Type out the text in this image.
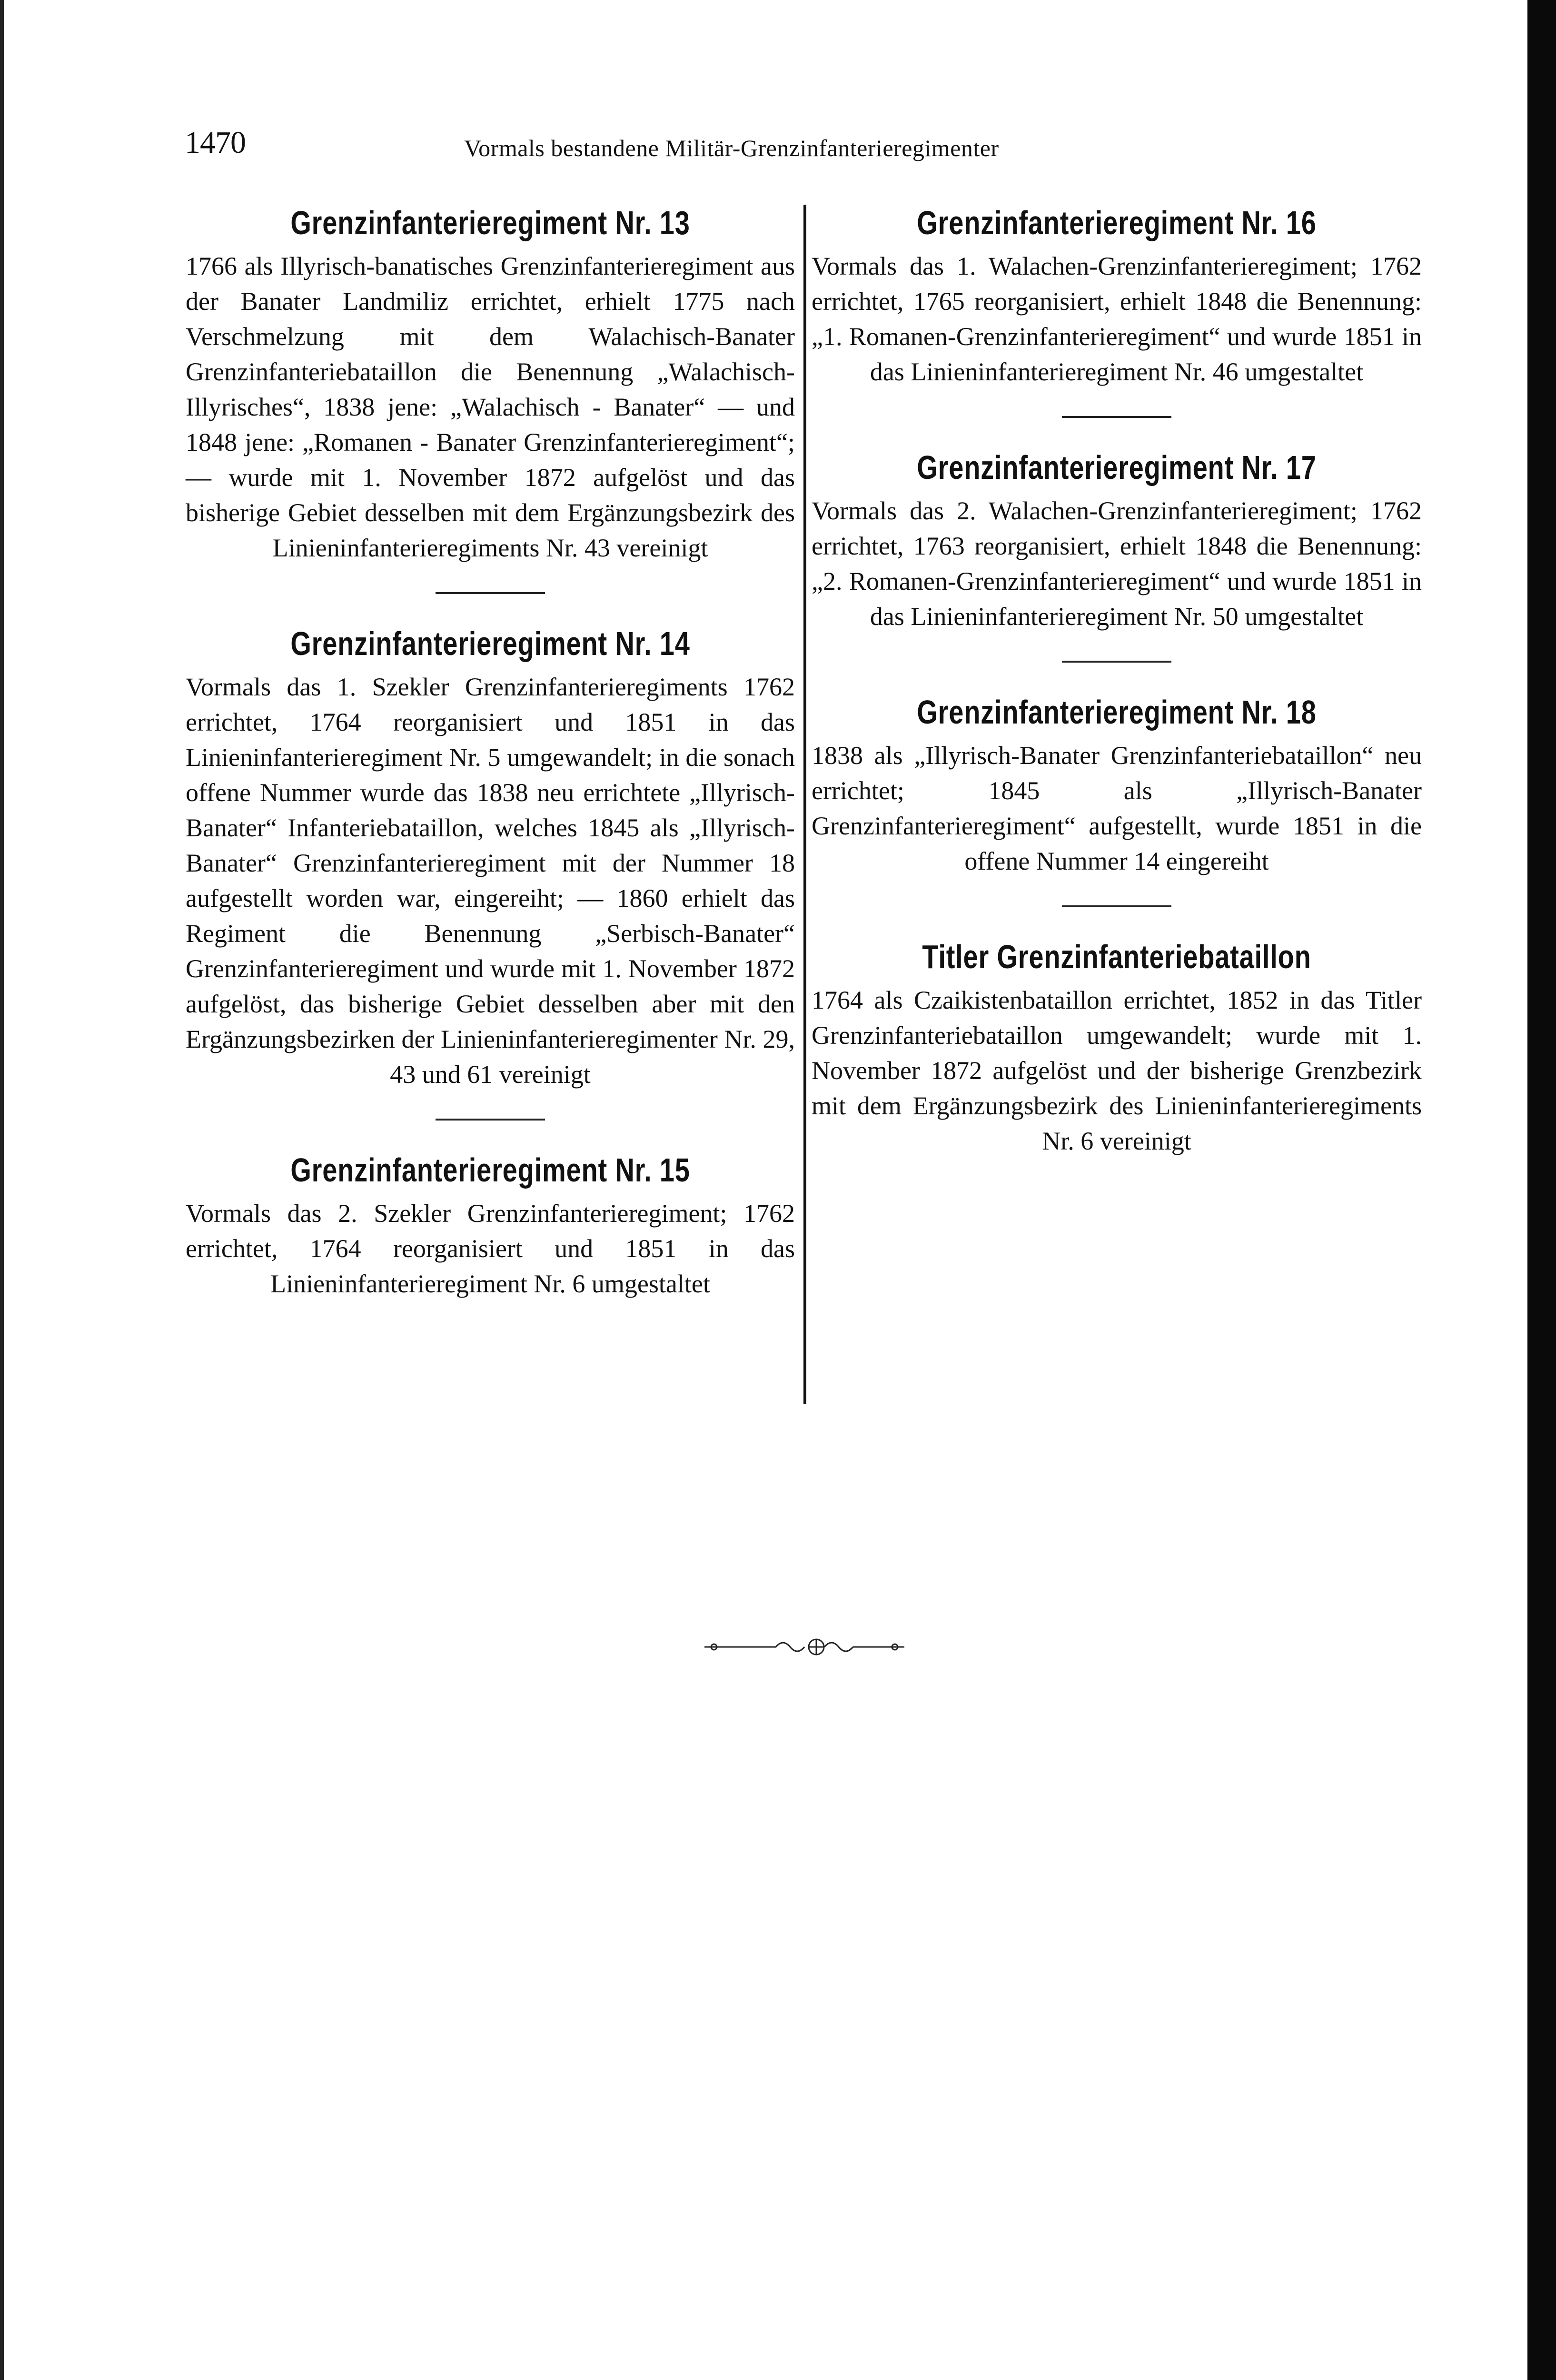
1470	Vormals bestandene Militär-Grenzinfanterieregimenter
Grenzinfanterieregiment Nr. 13

1766 als Illyrisch-banatisches Grenzinfanterieregiment aus der Banater Landmiliz errichtet, erhielt 1775 nach Verschmelzung mit dem Walachisch-Banater Grenzinfanteriebataillon die Benennung „Walachisch-Illyrisches“, 1838 jene: „Walachisch - Banater“ — und 1848 jene: „Romanen - Banater Grenzinfanterieregiment“; — wurde mit 1. November 1872 aufgelöst und das bisherige Gebiet desselben mit dem Ergänzungsbezirk des Linieninfanterieregiments Nr. 43 vereinigt

Grenzinfanterieregiment Nr. 14

Vormals das 1. Szekler Grenzinfanterieregiments 1762 errichtet, 1764 reorganisiert und 1851 in das Linieninfanterieregiment Nr. 5 umgewandelt; in die sonach offene Nummer wurde das 1838 neu errichtete „Illyrisch-Banater“ Infanteriebataillon, welches 1845 als „Illyrisch-Banater“ Grenzinfanterieregiment mit der Nummer 18 aufgestellt worden war, eingereiht; — 1860 erhielt das Regiment die Benennung „Serbisch-Banater“ Grenzinfanterieregiment und wurde mit 1. November 1872 aufgelöst, das bisherige Gebiet desselben aber mit den Ergänzungsbezirken der Linieninfanterieregimenter Nr. 29, 43 und 61 vereinigt

Grenzinfanterieregiment Nr. 15

Vormals das 2. Szekler Grenzinfanterieregiment; 1762 errichtet, 1764 reorganisiert und 1851 in das Linieninfanterieregiment Nr. 6 umgestaltet

Grenzinfanterieregiment Nr. 16

Vormals das 1. Walachen-Grenzinfanterieregiment; 1762 errichtet, 1765 reorganisiert, erhielt 1848 die Benennung: „1. Romanen-Grenzinfanterieregiment“ und wurde 1851 in das Linieninfanterieregiment Nr. 46 umgestaltet

Grenzinfanterieregiment Nr. 17

Vormals das 2. Walachen-Grenzinfanterieregiment; 1762 errichtet, 1763 reorganisiert, erhielt 1848 die Benennung: „2. Romanen-Grenzinfanterieregiment“ und wurde 1851 in das Linieninfanterieregiment Nr. 50 umgestaltet

Grenzinfanterieregiment Nr. 18

1838 als „Illyrisch-Banater Grenzinfanteriebataillon“ neu errichtet; 1845 als „Illyrisch-Banater Grenzinfanterieregiment“ aufgestellt, wurde 1851 in die offene Nummer 14 eingereiht

Titler Grenzinfanteriebataillon

1764 als Czaikistenbataillon errichtet, 1852 in das Titler Grenzinfanteriebataillon umgewandelt; wurde mit 1. November 1872 aufgelöst und der bisherige Grenzbezirk mit dem Ergänzungsbezirk des Linieninfanterieregiments Nr. 6 vereinigt
